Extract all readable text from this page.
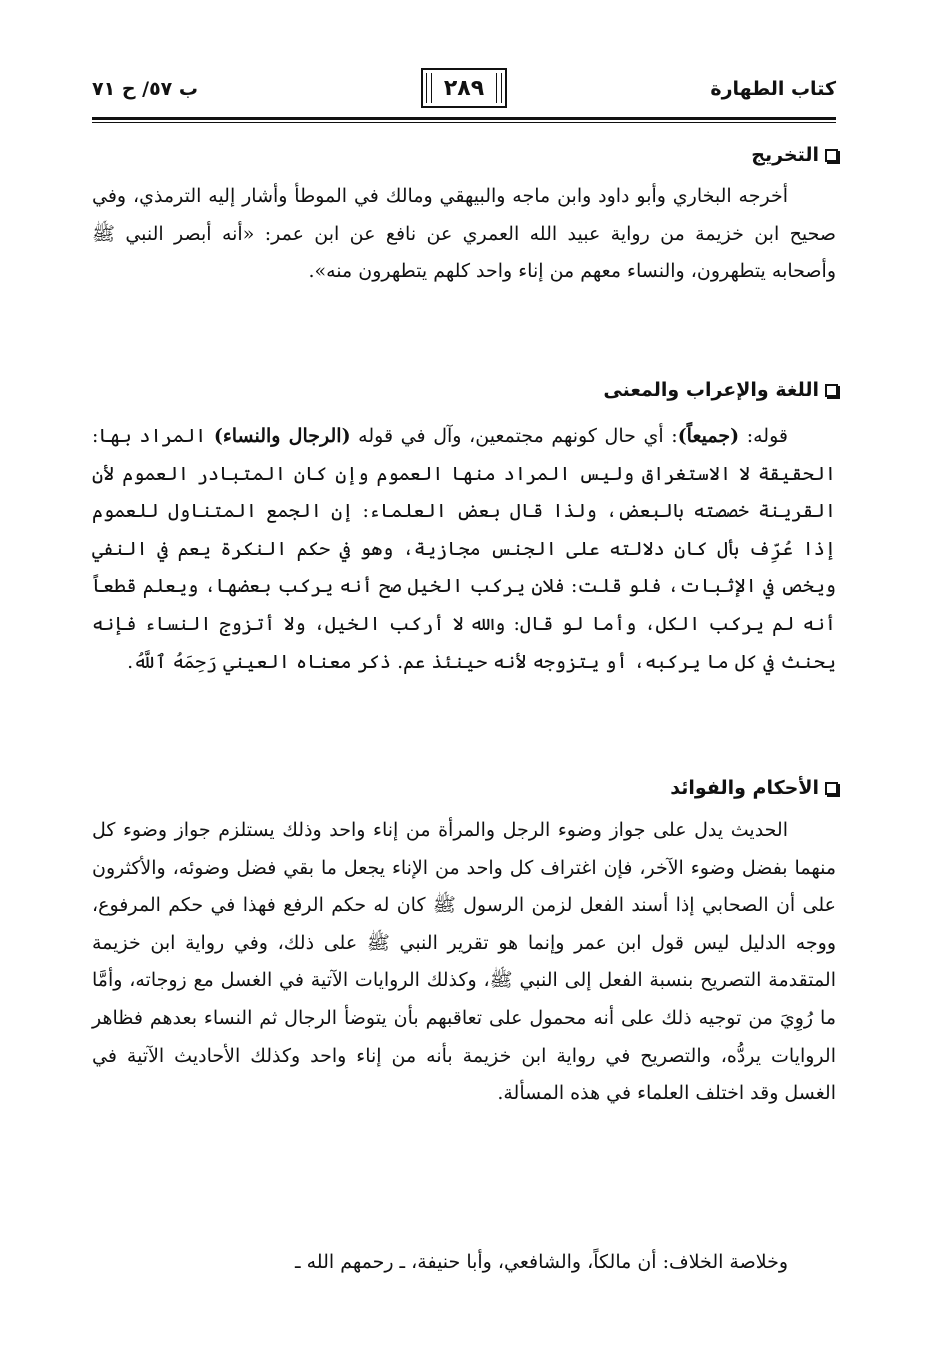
كتاب الطهارة
٢٨٩
ب ٥٧/ ح ٧١
التخريج

أخرجه البخاري وأبو داود وابن ماجه والبيهقي ومالك في الموطأ وأشار إليه الترمذي، وفي صحيح ابن خزيمة من رواية عبيد الله العمري عن نافع عن ابن عمر: «أنه أبصر النبي ﷺ وأصحابه يتطهرون، والنساء معهم من إناء واحد كلهم يتطهرون منه».

اللغة والإعراب والمعنى

قوله: (جميعاً): أي حال كونهم مجتمعين، وآل في قوله (الرجال والنساء) المراد بها: الحقيقة لا الاستغراق وليس المراد منها العموم وإن كان المتبادر العموم لأن القرينة خصصته بالبعض، ولذا قال بعض العلماء: إن الجمع المتناول للعموم إذا عُرِّف بأل كان دلالته على الجنس مجازية، وهو في حكم النكرة يعم في النفي ويخص في الإثبات، فلو قلت: فلان يركب الخيل صح أنه يركب بعضها، ويعلم قطعاً أنه لم يركب الكل، وأما لو قال: والله لا أركب الخيل، ولا أتزوج النساء فإنه يحنث في كل ما يركبه، أو يتزوجه لأنه حينئذ عم. ذكر معناه العيني رَحِمَهُ ٱللَّهُ.

الأحكام والفوائد

الحديث يدل على جواز وضوء الرجل والمرأة من إناء واحد وذلك يستلزم جواز وضوء كل منهما بفضل وضوء الآخر، فإن اغتراف كل واحد من الإناء يجعل ما بقي فضل وضوئه، والأكثرون على أن الصحابي إذا أسند الفعل لزمن الرسول ﷺ كان له حكم الرفع فهذا في حكم المرفوع، ووجه الدليل ليس قول ابن عمر وإنما هو تقرير النبي ﷺ على ذلك، وفي رواية ابن خزيمة المتقدمة التصريح بنسبة الفعل إلى النبي ﷺ، وكذلك الروايات الآتية في الغسل مع زوجاته، وأمَّا ما رُوِيَ من توجيه ذلك على أنه محمول على تعاقبهم بأن يتوضأ الرجال ثم النساء بعدهم فظاهر الروايات يردُّه، والتصريح في رواية ابن خزيمة بأنه من إناء واحد وكذلك الأحاديث الآتية في الغسل وقد اختلف العلماء في هذه المسألة.

وخلاصة الخلاف: أن مالكاً، والشافعي، وأبا حنيفة، ـ رحمهم الله ـ
